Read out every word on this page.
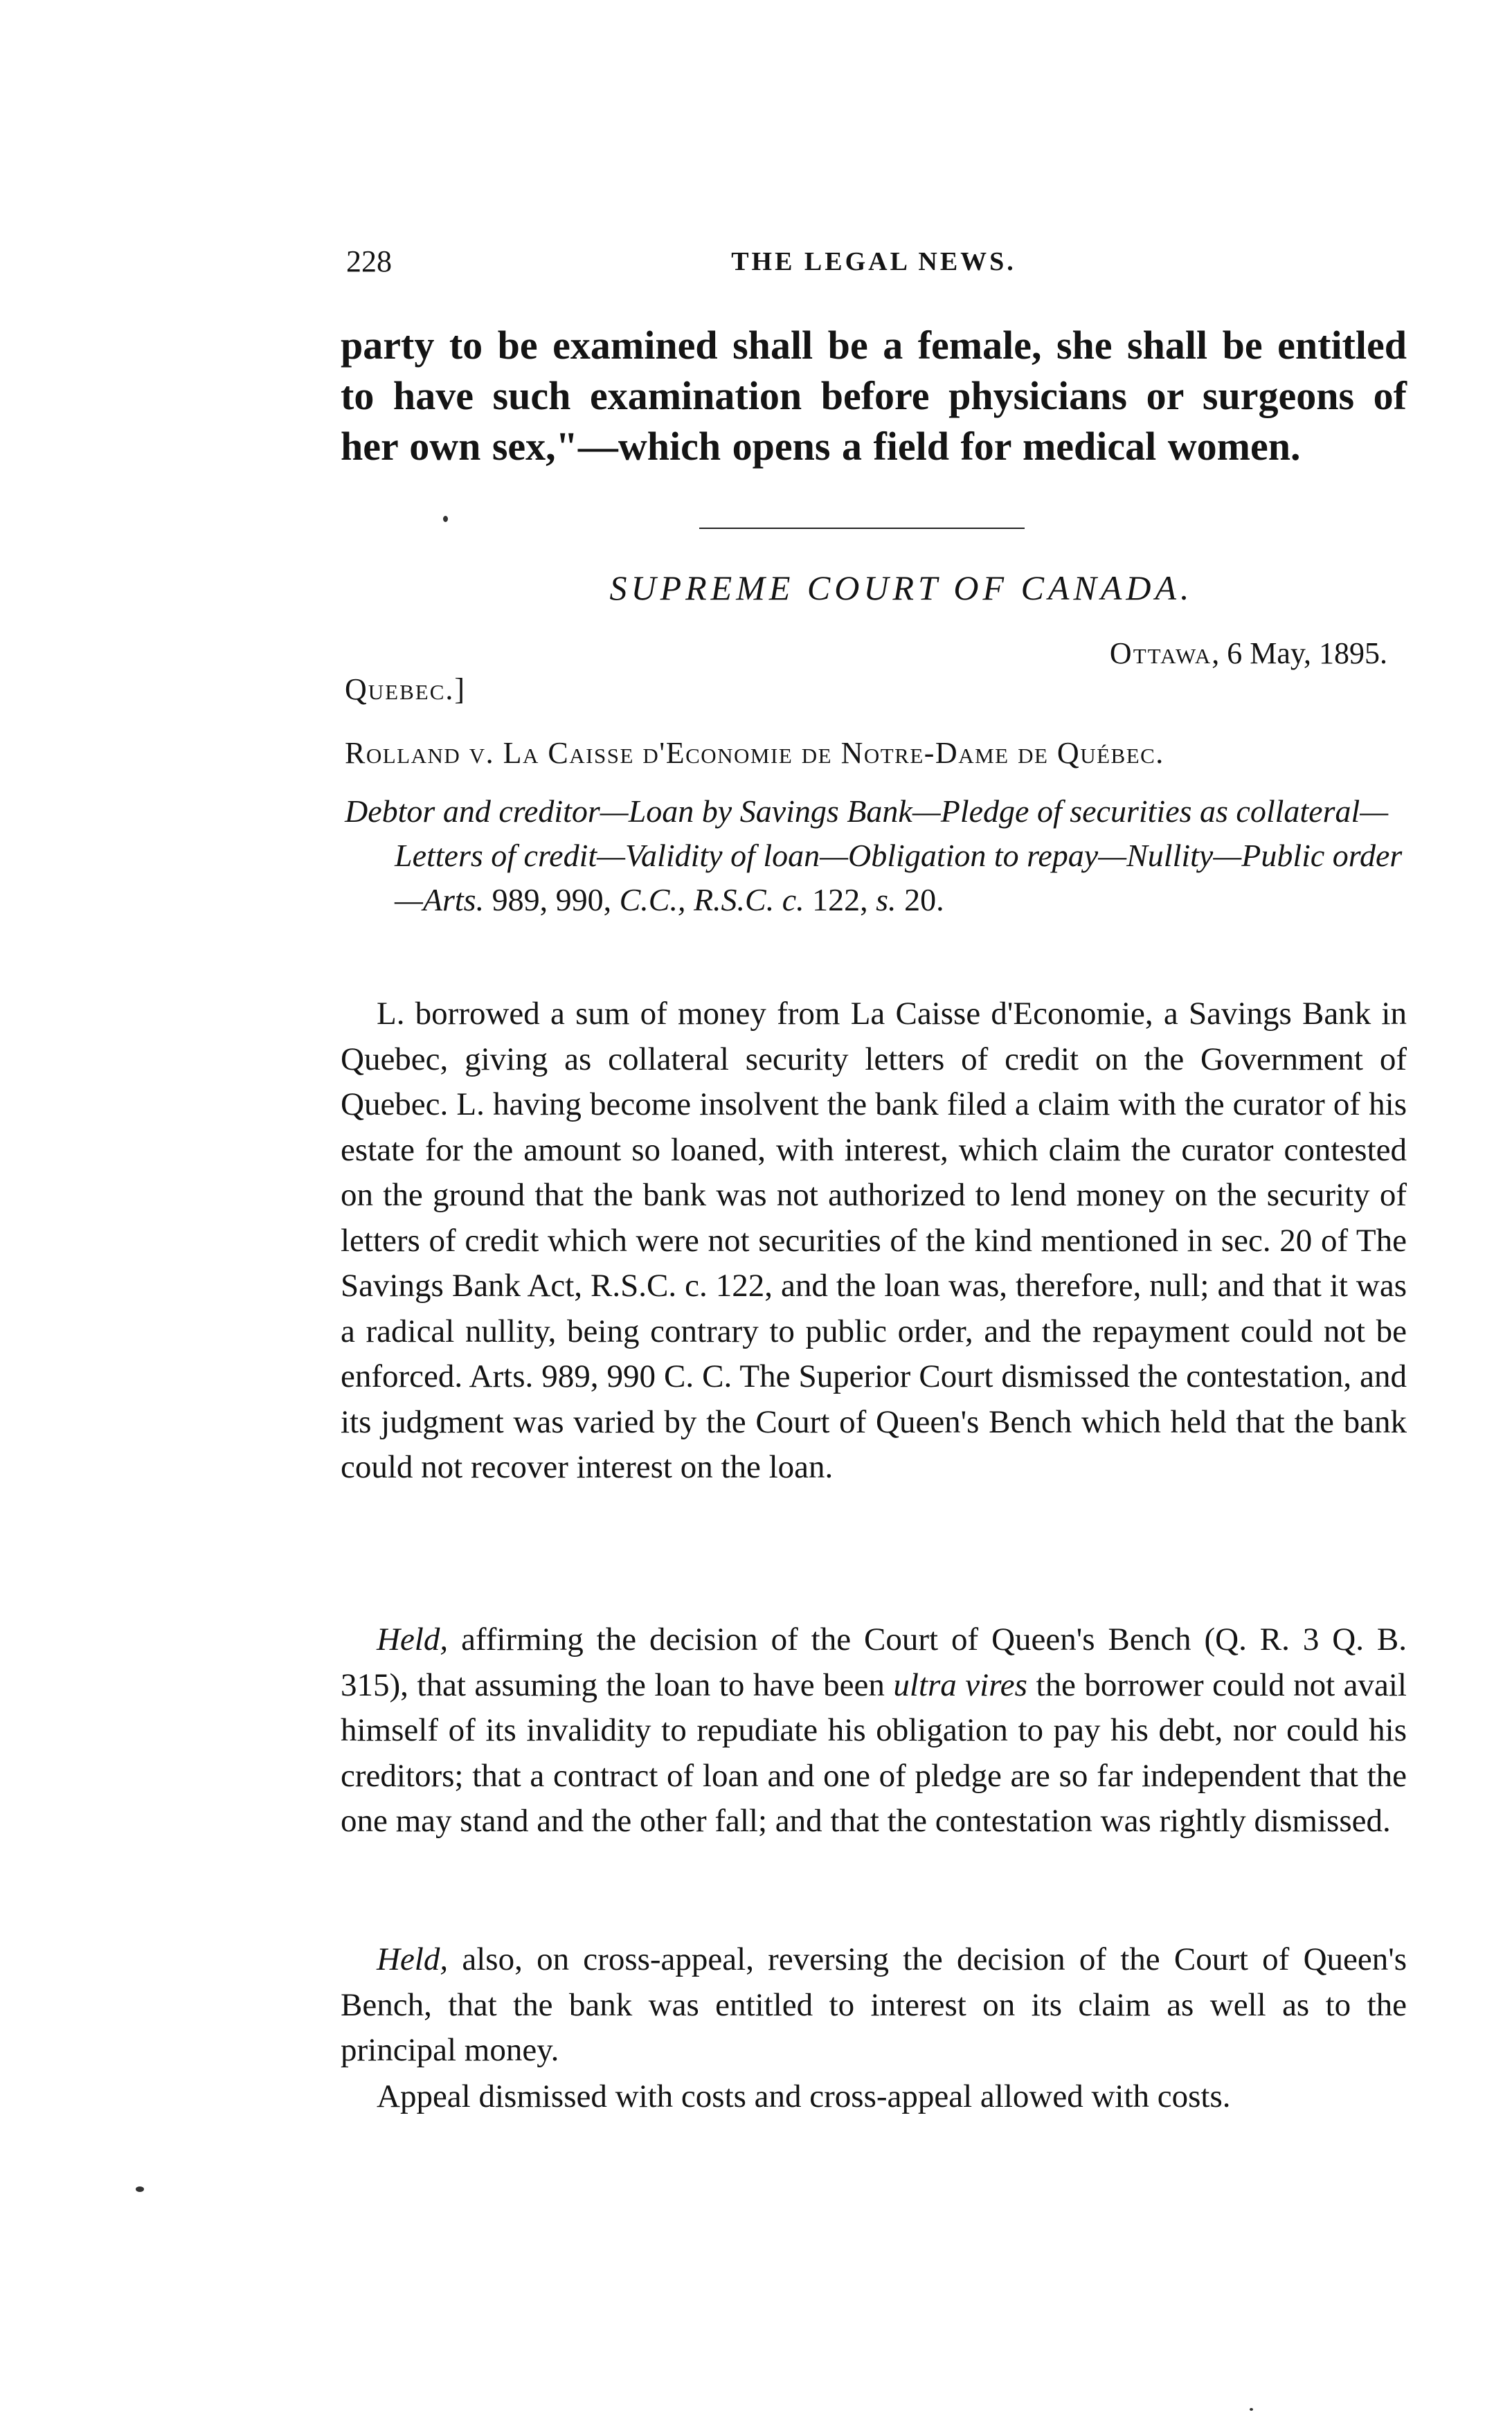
228	THE LEGAL NEWS.
party to be examined shall be a female, she shall be entitled to have such examination before physicians or surgeons of her own sex,"—which opens a field for medical women.
SUPREME COURT OF CANADA.
Ottawa, 6 May, 1895.
Quebec.]
Rolland v. La Caisse d'Economie de Notre-Dame de Québec.
Debtor and creditor—Loan by Savings Bank—Pledge of securities as collateral— Letters of credit—Validity of loan—Obligation to repay—Nullity—Public order—Arts. 989, 990, C.C., R.S.C. c. 122, s. 20.

L. borrowed a sum of money from La Caisse d'Economie, a Savings Bank in Quebec, giving as collateral security letters of credit on the Government of Quebec. L. having become insolvent the bank filed a claim with the curator of his estate for the amount so loaned, with interest, which claim the curator contested on the ground that the bank was not authorized to lend money on the security of letters of credit which were not securities of the kind mentioned in sec. 20 of The Savings Bank Act, R.S.C. c. 122, and the loan was, therefore, null; and that it was a radical nullity, being contrary to public order, and the repayment could not be enforced. Arts. 989, 990 C. C. The Superior Court dismissed the contestation, and its judgment was varied by the Court of Queen's Bench which held that the bank could not recover interest on the loan.

Held, affirming the decision of the Court of Queen's Bench (Q. R. 3 Q. B. 315), that assuming the loan to have been ultra vires the borrower could not avail himself of its invalidity to repudiate his obligation to pay his debt, nor could his creditors; that a contract of loan and one of pledge are so far independent that the one may stand and the other fall; and that the contestation was rightly dismissed.

Held, also, on cross-appeal, reversing the decision of the Court of Queen's Bench, that the bank was entitled to interest on its claim as well as to the principal money.

Appeal dismissed with costs and cross-appeal allowed with costs.
